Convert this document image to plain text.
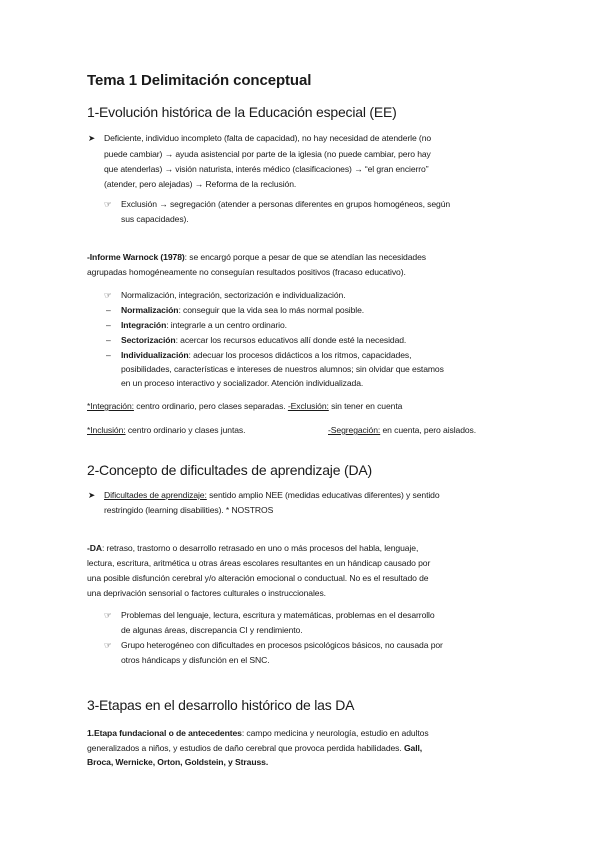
Tema 1 Delimitación conceptual
1-Evolución histórica de la Educación especial (EE)
➤ Deficiente, individuo incompleto (falta de capacidad), no hay necesidad de atenderle (no
puede cambiar) → ayuda asistencial por parte de la iglesia (no puede cambiar, pero hay
que atenderlas) → visión naturista, interés médico (clasificaciones) → “el gran encierro”
(atender, pero alejadas) → Reforma de la reclusión.
☞ Exclusión → segregación (atender a personas diferentes en grupos homogéneos, según
sus capacidades).
-Informe Warnock (1978): se encargó porque a pesar de que se atendían las necesidades
agrupadas homogéneamente no conseguían resultados positivos (fracaso educativo).
☞ Normalización, integración, sectorización e individualización.
– Normalización: conseguir que la vida sea lo más normal posible.
– Integración: integrarle a un centro ordinario.
– Sectorización: acercar los recursos educativos allí donde esté la necesidad.
– Individualización: adecuar los procesos didácticos a los ritmos, capacidades,
posibilidades, características e intereses de nuestros alumnos; sin olvidar que estamos
en un proceso interactivo y socializador. Atención individualizada.
*Integración: centro ordinario, pero clases separadas. -Exclusión: sin tener en cuenta
*Inclusión: centro ordinario y clases juntas.	-Segregación: en cuenta, pero aislados.
2-Concepto de dificultades de aprendizaje (DA)
➤ Dificultades de aprendizaje: sentido amplio NEE (medidas educativas diferentes) y sentido
restringido (learning disabilities). * NOSTROS
-DA: retraso, trastorno o desarrollo retrasado en uno o más procesos del habla, lenguaje,
lectura, escritura, aritmética u otras áreas escolares resultantes en un hándicap causado por
una posible disfunción cerebral y/o alteración emocional o conductual. No es el resultado de
una deprivación sensorial o factores culturales o instruccionales.
☞ Problemas del lenguaje, lectura, escritura y matemáticas, problemas en el desarrollo
de algunas áreas, discrepancia CI y rendimiento.
☞ Grupo heterogéneo con dificultades en procesos psicológicos básicos, no causada por
otros hándicaps y disfunción en el SNC.
3-Etapas en el desarrollo histórico de las DA
1.Etapa fundacional o de antecedentes: campo medicina y neurología, estudio en adultos
generalizados a niños, y estudios de daño cerebral que provoca perdida habilidades. Gall,
Broca, Wernicke, Orton, Goldstein, y Strauss.
